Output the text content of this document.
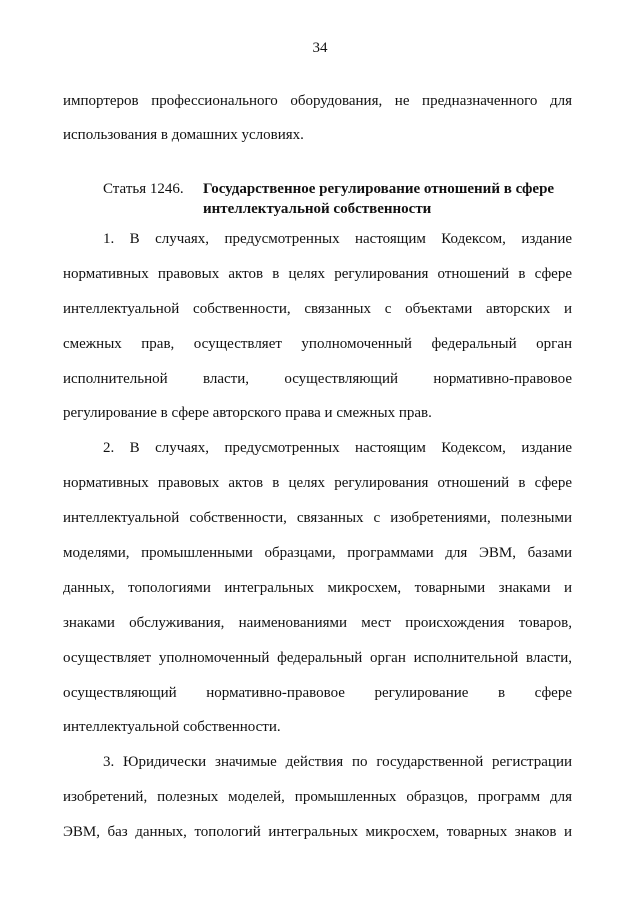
34
импортеров профессионального оборудования, не предназначенного для
использования в домашних условиях.
Статья 1246. Государственное регулирование отношений в сфере
интеллектуальной собственности
1. В случаях, предусмотренных настоящим Кодексом, издание
нормативных правовых актов в целях регулирования отношений в сфере
интеллектуальной собственности, связанных с объектами авторских и
смежных прав, осуществляет уполномоченный федеральный орган
исполнительной власти, осуществляющий нормативно-правовое
регулирование в сфере авторского права и смежных прав.
2. В случаях, предусмотренных настоящим Кодексом, издание
нормативных правовых актов в целях регулирования отношений в сфере
интеллектуальной собственности, связанных с изобретениями, полезными
моделями, промышленными образцами, программами для ЭВМ, базами
данных, топологиями интегральных микросхем, товарными знаками и
знаками обслуживания, наименованиями мест происхождения товаров,
осуществляет уполномоченный федеральный орган исполнительной власти,
осуществляющий нормативно-правовое регулирование в сфере
интеллектуальной собственности.
3. Юридически значимые действия по государственной регистрации
изобретений, полезных моделей, промышленных образцов, программ для
ЭВМ, баз данных, топологий интегральных микросхем, товарных знаков и
